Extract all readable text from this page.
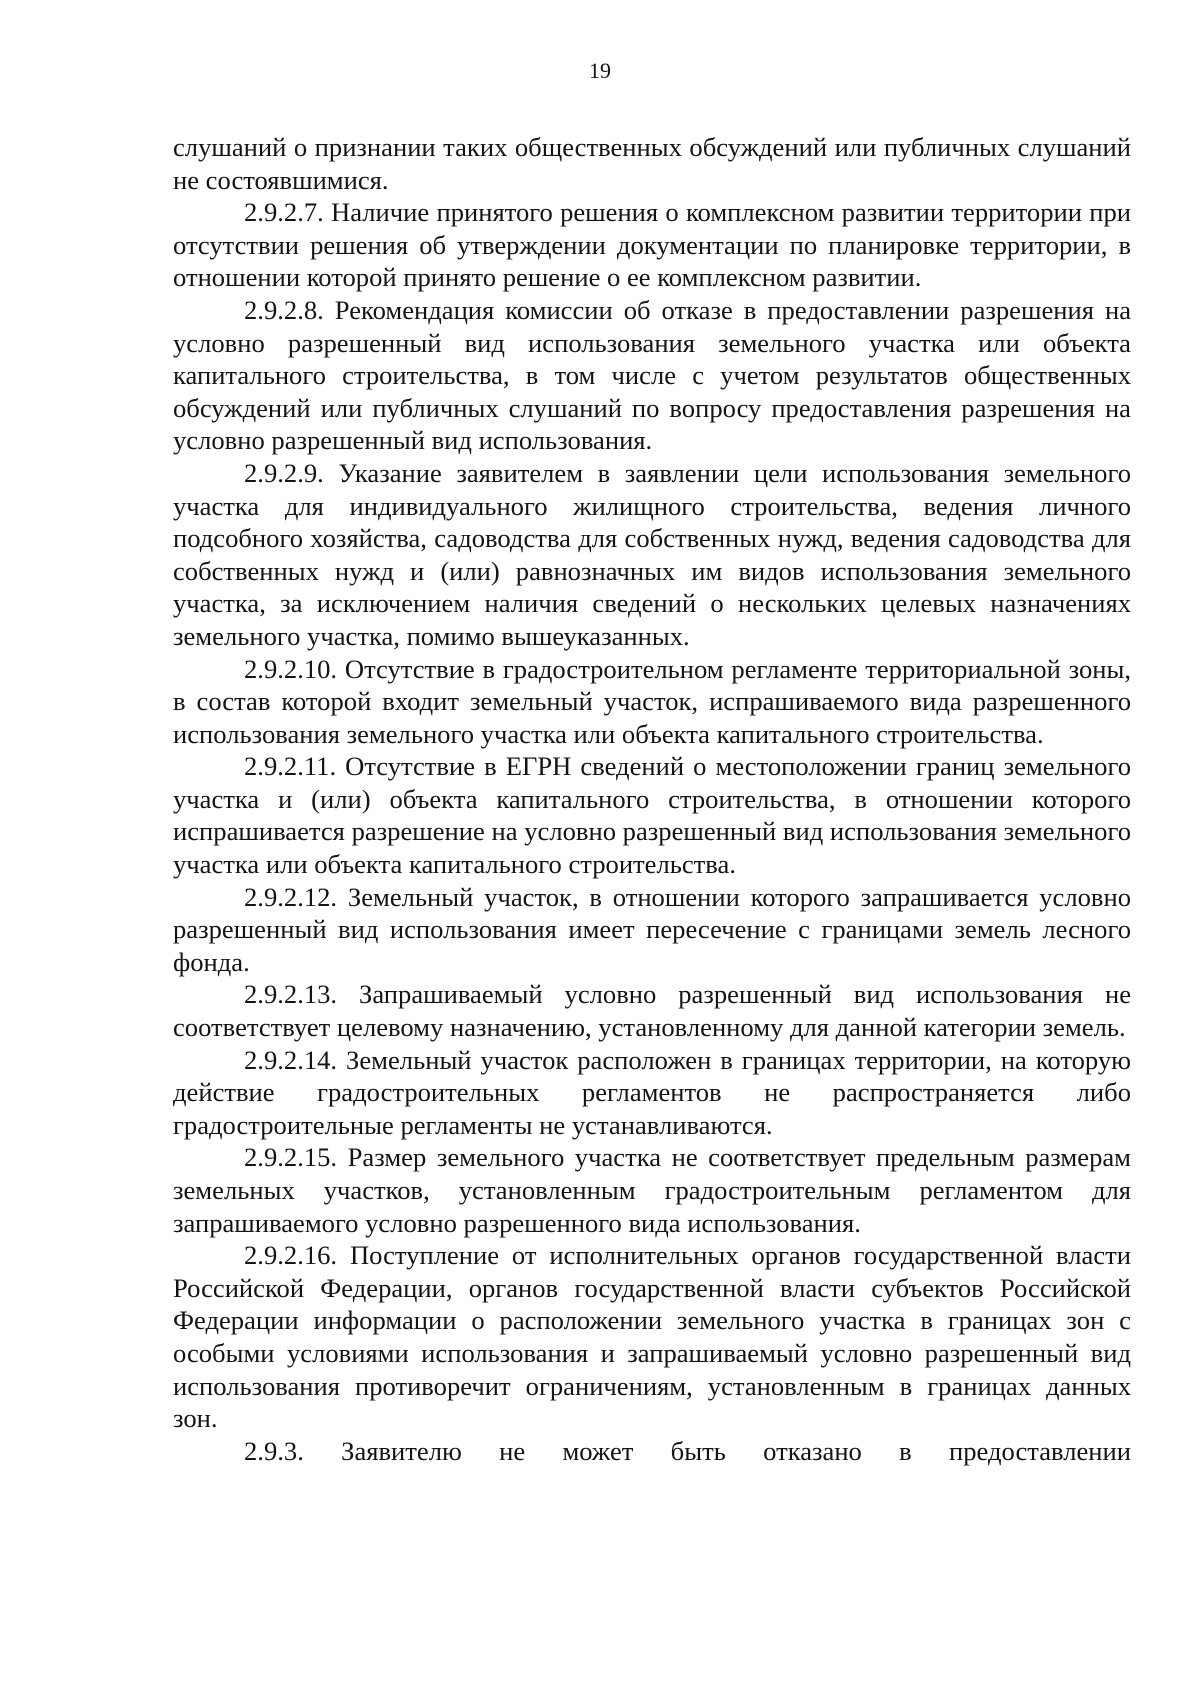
19

слушаний о признании таких общественных обсуждений или публичных слушаний не состоявшимися.

2.9.2.7. Наличие принятого решения о комплексном развитии территории при отсутствии решения об утверждении документации по планировке территории, в отношении которой принято решение о ее комплексном развитии.

2.9.2.8. Рекомендация комиссии об отказе в предоставлении разрешения на условно разрешенный вид использования земельного участка или объекта капитального строительства, в том числе с учетом результатов общественных обсуждений или публичных слушаний по вопросу предоставления разрешения на условно разрешенный вид использования.

2.9.2.9. Указание заявителем в заявлении цели использования земельного участка для индивидуального жилищного строительства, ведения личного подсобного хозяйства, садоводства для собственных нужд, ведения садоводства для собственных нужд и (или) равнозначных им видов использования земельного участка, за исключением наличия сведений о нескольких целевых назначениях земельного участка, помимо вышеуказанных.

2.9.2.10. Отсутствие в градостроительном регламенте территориальной зоны, в состав которой входит земельный участок, испрашиваемого вида разрешенного использования земельного участка или объекта капитального строительства.

2.9.2.11. Отсутствие в ЕГРН сведений о местоположении границ земельного участка и (или) объекта капитального строительства, в отношении которого испрашивается разрешение на условно разрешенный вид использования земельного участка или объекта капитального строительства.

2.9.2.12. Земельный участок, в отношении которого запрашивается условно разрешенный вид использования имеет пересечение с границами земель лесного фонда.

2.9.2.13. Запрашиваемый условно разрешенный вид использования не соответствует целевому назначению, установленному для данной категории земель.

2.9.2.14. Земельный участок расположен в границах территории, на которую действие градостроительных регламентов не распространяется либо градостроительные регламенты не устанавливаются.

2.9.2.15. Размер земельного участка не соответствует предельным размерам земельных участков, установленным градостроительным регламентом для запрашиваемого условно разрешенного вида использования.

2.9.2.16. Поступление от исполнительных органов государственной власти Российской Федерации, органов государственной власти субъектов Российской Федерации информации о расположении земельного участка в границах зон с особыми условиями использования и запрашиваемый условно разрешенный вид использования противоречит ограничениям, установленным в границах данных зон.

2.9.3. Заявителю не может быть отказано в предоставлении
